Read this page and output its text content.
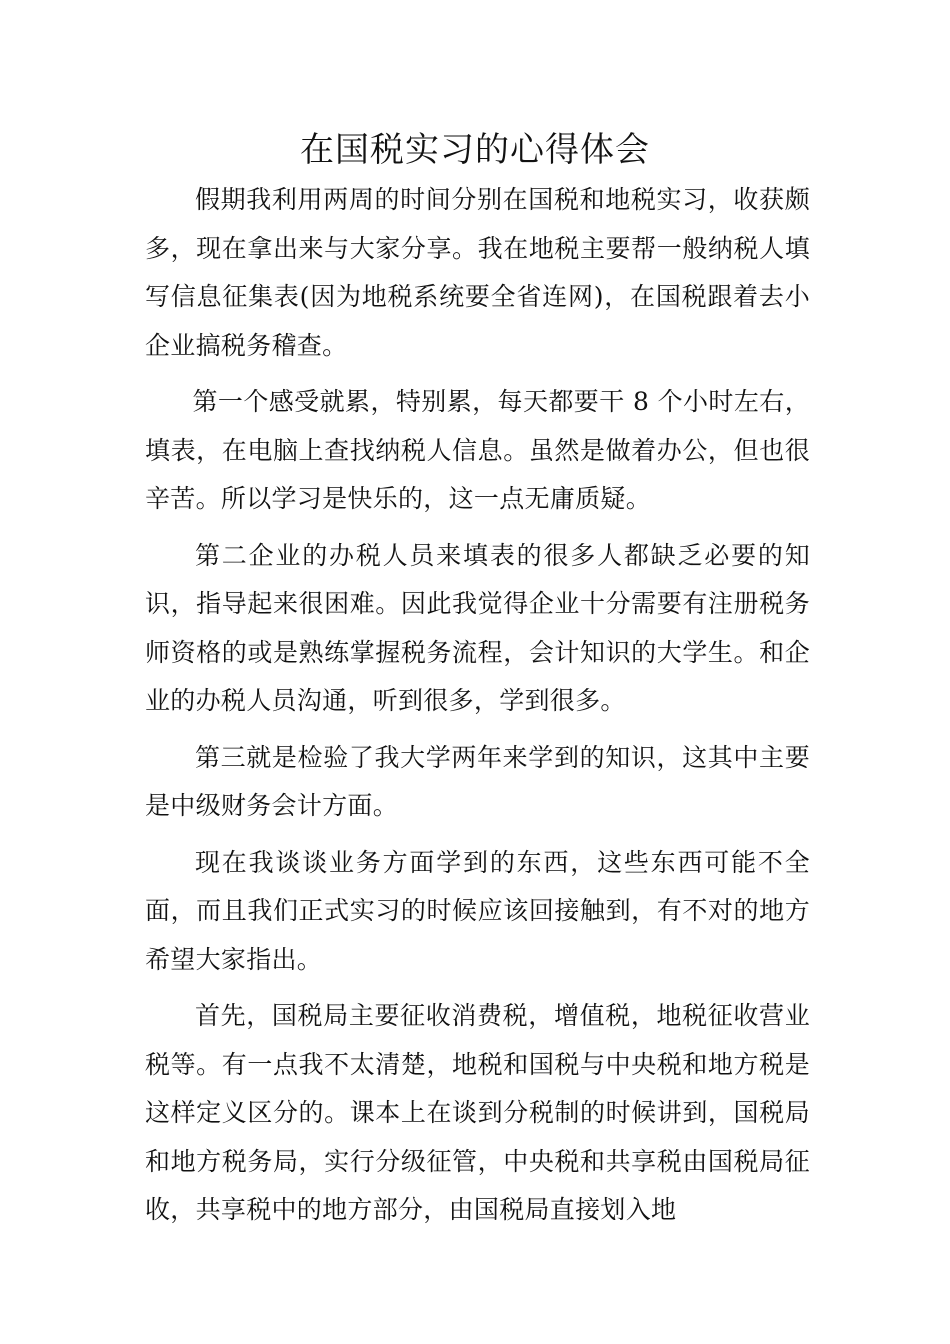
在国税实习的心得体会

假期我利用两周的时间分别在国税和地税实习，收获颇多，现在拿出来与大家分享。我在地税主要帮一般纳税人填写信息征集表(因为地税系统要全省连网)，在国税跟着去小企业搞税务稽查。

第一个感受就累，特别累，每天都要干 8 个小时左右，填表，在电脑上查找纳税人信息。虽然是做着办公，但也很辛苦。所以学习是快乐的，这一点无庸质疑。

第二企业的办税人员来填表的很多人都缺乏必要的知识，指导起来很困难。因此我觉得企业十分需要有注册税务师资格的或是熟练掌握税务流程，会计知识的大学生。和企业的办税人员沟通，听到很多，学到很多。

第三就是检验了我大学两年来学到的知识，这其中主要是中级财务会计方面。

现在我谈谈业务方面学到的东西，这些东西可能不全面，而且我们正式实习的时候应该回接触到，有不对的地方希望大家指出。

首先，国税局主要征收消费税，增值税，地税征收营业税等。有一点我不太清楚，地税和国税与中央税和地方税是这样定义区分的。课本上在谈到分税制的时候讲到，国税局和地方税务局，实行分级征管，中央税和共享税由国税局征收，共享税中的地方部分，由国税局直接划入地
